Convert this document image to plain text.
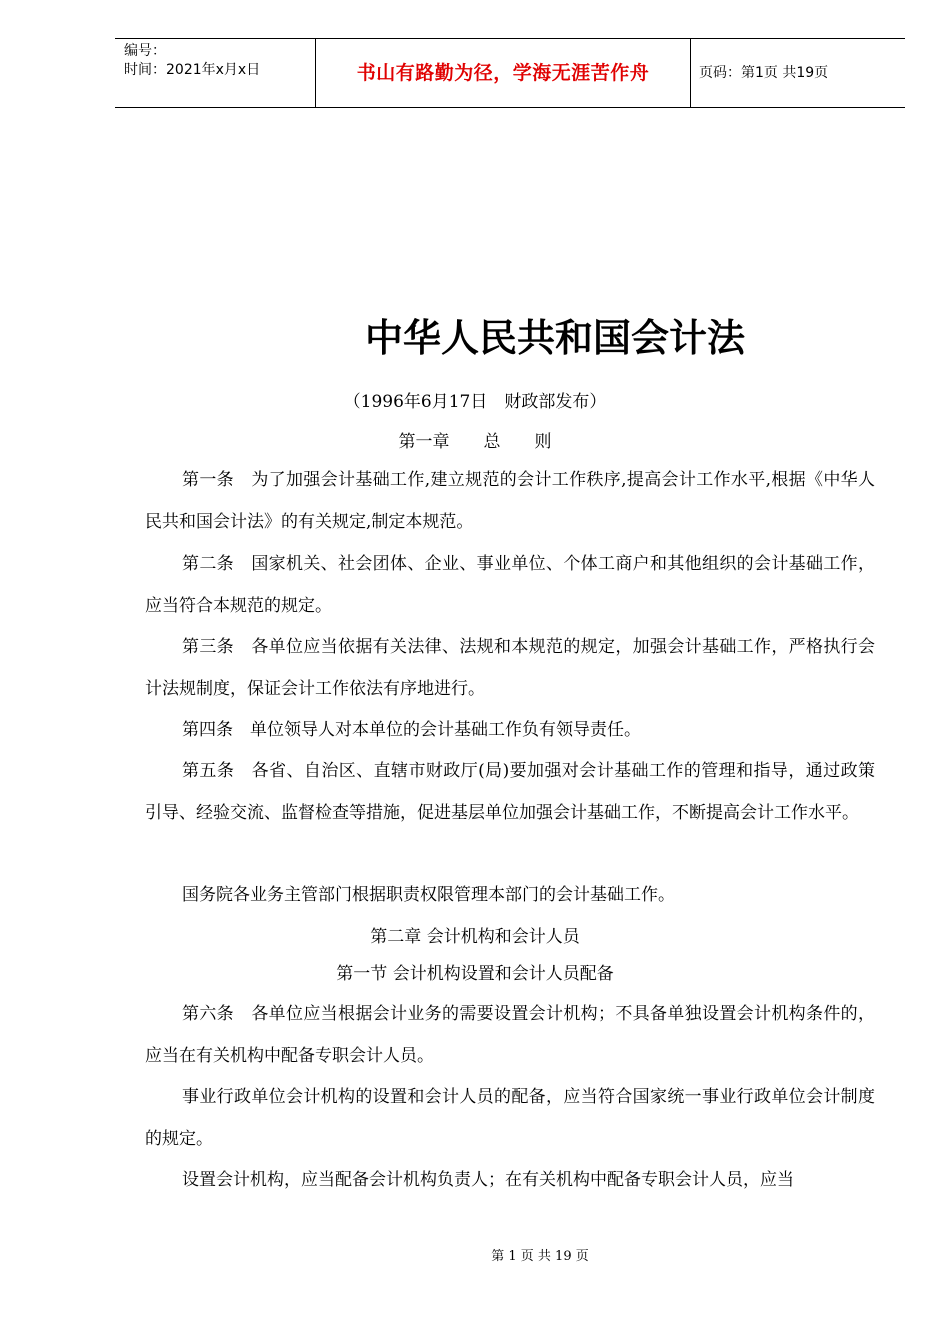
编号：
时间：2021年x月x日	书山有路勤为径，学海无涯苦作舟	页码：第1页 共19页
中华人民共和国会计法
（1996年6月17日　财政部发布）
第一章　　总　　则
第一条　为了加强会计基础工作,建立规范的会计工作秩序,提高会计工作水平,根据《中华人民共和国会计法》的有关规定,制定本规范。
第二条　国家机关、社会团体、企业、事业单位、个体工商户和其他组织的会计基础工作，应当符合本规范的规定。
第三条　各单位应当依据有关法律、法规和本规范的规定，加强会计基础工作，严格执行会计法规制度，保证会计工作依法有序地进行。
第四条　单位领导人对本单位的会计基础工作负有领导责任。
第五条　各省、自治区、直辖市财政厅(局)要加强对会计基础工作的管理和指导，通过政策引导、经验交流、监督检查等措施，促进基层单位加强会计基础工作，不断提高会计工作水平。
国务院各业务主管部门根据职责权限管理本部门的会计基础工作。
第二章 会计机构和会计人员
第一节 会计机构设置和会计人员配备
第六条　各单位应当根据会计业务的需要设置会计机构；不具备单独设置会计机构条件的，应当在有关机构中配备专职会计人员。
事业行政单位会计机构的设置和会计人员的配备，应当符合国家统一事业行政单位会计制度的规定。
设置会计机构，应当配备会计机构负责人；在有关机构中配备专职会计人员，应当
第 1 页 共 19 页
